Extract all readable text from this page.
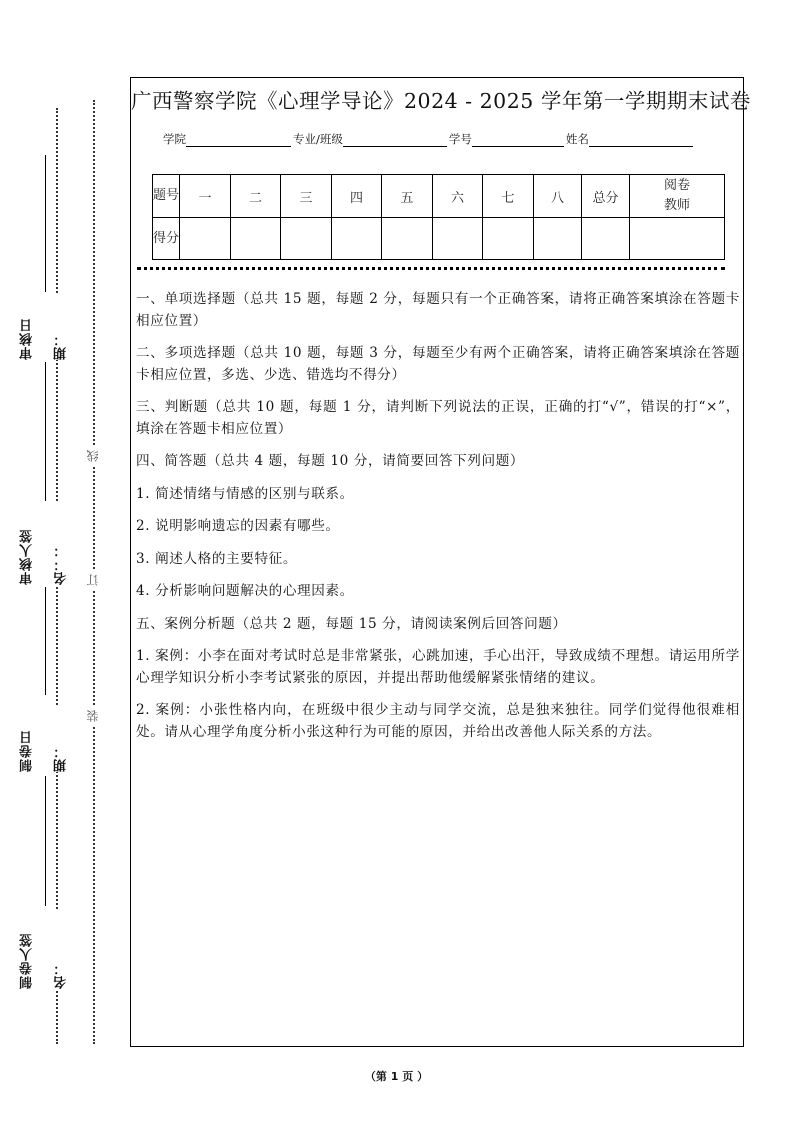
审核日期：
审核人签名：：
制卷日期：
制卷人签名：
线
订
装
广西警察学院《心理学导论》2024 - 2025 学年第一学期期末试卷
学院	专业/班级	学号	姓名
题号	一	二	三	四	五	六	七	八	总分	阅卷教师
得分										

一、单项选择题（总共 15 题，每题 2 分，每题只有一个正确答案，请将正确答案填涂在答题卡相应位置）

二、多项选择题（总共 10 题，每题 3 分，每题至少有两个正确答案，请将正确答案填涂在答题卡相应位置，多选、少选、错选均不得分）

三、判断题（总共 10 题，每题 1 分，请判断下列说法的正误，正确的打“√”，错误的打“×”，填涂在答题卡相应位置）

四、简答题（总共 4 题，每题 10 分，请简要回答下列问题）

1. 简述情绪与情感的区别与联系。

2. 说明影响遗忘的因素有哪些。

3. 阐述人格的主要特征。

4. 分析影响问题解决的心理因素。

五、案例分析题（总共 2 题，每题 15 分，请阅读案例后回答问题）

1. 案例：小李在面对考试时总是非常紧张，心跳加速，手心出汗，导致成绩不理想。请运用所学心理学知识分析小李考试紧张的原因，并提出帮助他缓解紧张情绪的建议。

2. 案例：小张性格内向，在班级中很少主动与同学交流，总是独来独往。同学们觉得他很难相处。请从心理学角度分析小张这种行为可能的原因，并给出改善他人际关系的方法。

（第 1 页 ）
